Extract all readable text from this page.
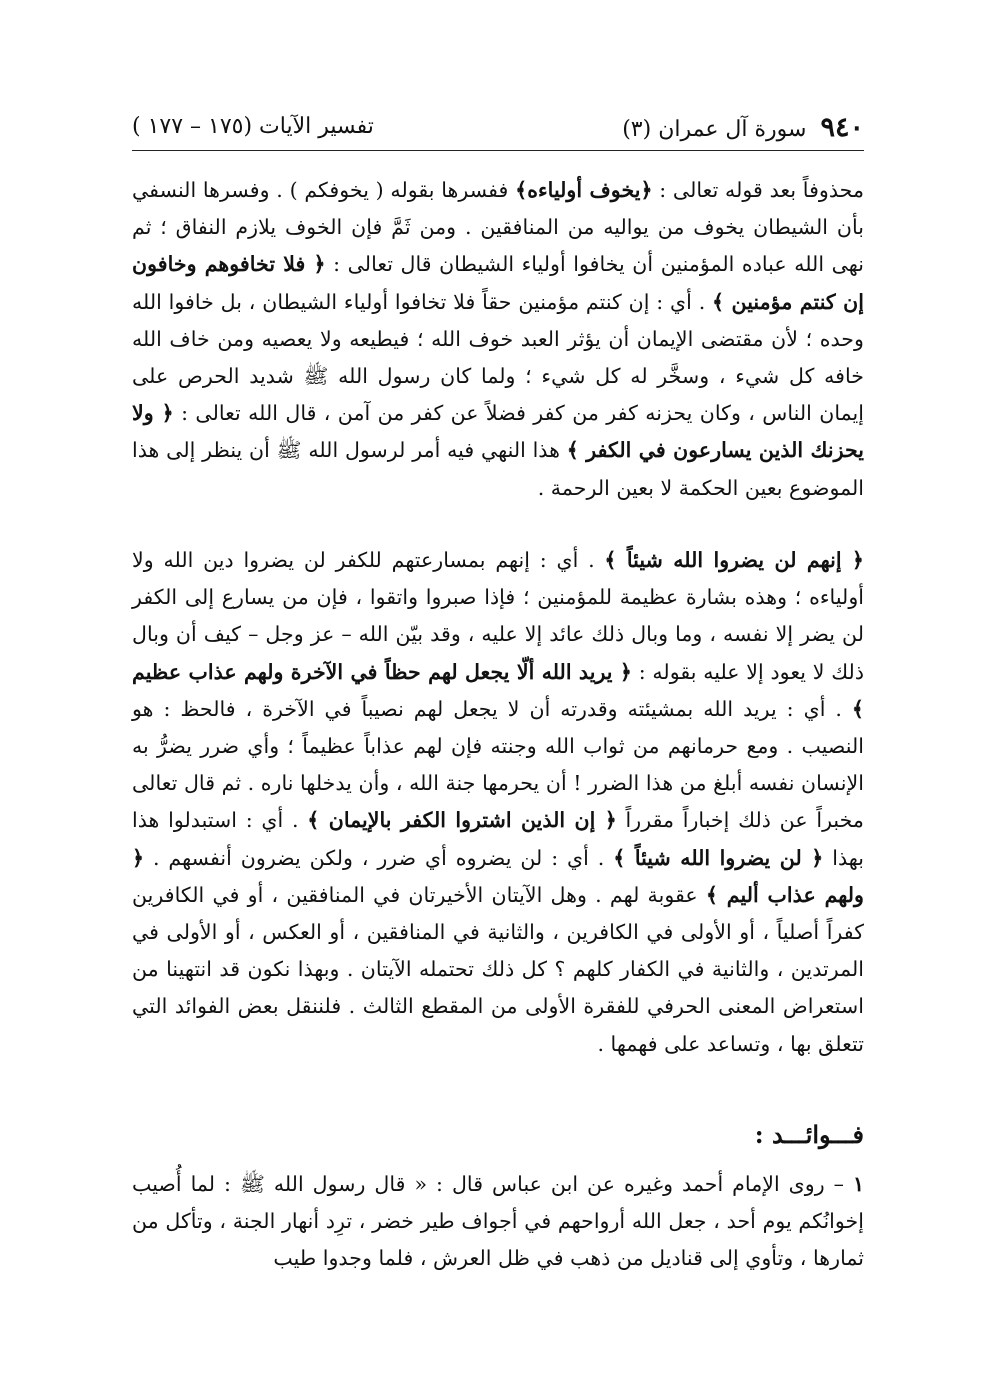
٩٤٠
(٣) سورة آل عمران
تفسير الآيات (١٧٥ – ١٧٧ )

محذوفاً بعد قوله تعالى : ﴿يخوف أولياءه﴾ ففسرها بقوله ( يخوفكم ) . وفسرها النسفي بأن الشيطان يخوف من يواليه من المنافقين . ومن ثَمَّ فإن الخوف يلازم النفاق ؛ ثم نهى الله عباده المؤمنين أن يخافوا أولياء الشيطان قال تعالى : ﴿ فلا تخافوهم وخافون إن كنتم مؤمنين ﴾ . أي : إن كنتم مؤمنين حقاً فلا تخافوا أولياء الشيطان ، بل خافوا الله وحده ؛ لأن مقتضى الإيمان أن يؤثر العبد خوف الله ؛ فيطيعه ولا يعصيه ومن خاف الله خافه كل شيء ، وسخَّر له كل شيء ؛ ولما كان رسول الله ﷺ شديد الحرص على إيمان الناس ، وكان يحزنه كفر من كفر فضلاً عن كفر من آمن ، قال الله تعالى : ﴿ ولا يحزنك الذين يسارعون في الكفر ﴾ هذا النهي فيه أمر لرسول الله ﷺ أن ينظر إلى هذا الموضوع بعين الحكمة لا بعين الرحمة .

﴿ إنهم لن يضروا الله شيئاً ﴾ . أي : إنهم بمسارعتهم للكفر لن يضروا دين الله ولا أولياءه ؛ وهذه بشارة عظيمة للمؤمنين ؛ فإذا صبروا واتقوا ، فإن من يسارع إلى الكفر لن يضر إلا نفسه ، وما وبال ذلك عائد إلا عليه ، وقد بيّن الله – عز وجل – كيف أن وبال ذلك لا يعود إلا عليه بقوله : ﴿ يريد الله ألّا يجعل لهم حظاً في الآخرة ولهم عذاب عظيم ﴾ . أي : يريد الله بمشيئته وقدرته أن لا يجعل لهم نصيباً في الآخرة ، فالحظ : هو النصيب . ومع حرمانهم من ثواب الله وجنته فإن لهم عذاباً عظيماً ؛ وأي ضرر يضرُّ به الإنسان نفسه أبلغ من هذا الضرر ! أن يحرمها جنة الله ، وأن يدخلها ناره . ثم قال تعالى مخبراً عن ذلك إخباراً مقرراً ﴿ إن الذين اشتروا الكفر بالإيمان ﴾ . أي : استبدلوا هذا بهذا ﴿ لن يضروا الله شيئاً ﴾ . أي : لن يضروه أي ضرر ، ولكن يضرون أنفسهم . ﴿ ولهم عذاب أليم ﴾ عقوبة لهم . وهل الآيتان الأخيرتان في المنافقين ، أو في الكافرين كفراً أصلياً ، أو الأولى في الكافرين ، والثانية في المنافقين ، أو العكس ، أو الأولى في المرتدين ، والثانية في الكفار كلهم ؟ كل ذلك تحتمله الآيتان . وبهذا نكون قد انتهينا من استعراض المعنى الحرفي للفقرة الأولى من المقطع الثالث . فلننقل بعض الفوائد التي تتعلق بها ، وتساعد على فهمها .

فـــوائـــد :

١ – روى الإمام أحمد وغيره عن ابن عباس قال : « قال رسول الله ﷺ : لما أُصيب إخوانُكم يوم أحد ، جعل الله أرواحهم في أجواف طير خضر ، ترِد أنهار الجنة ، وتأكل من ثمارها ، وتأوي إلى قناديل من ذهب في ظل العرش ، فلما وجدوا طيب
